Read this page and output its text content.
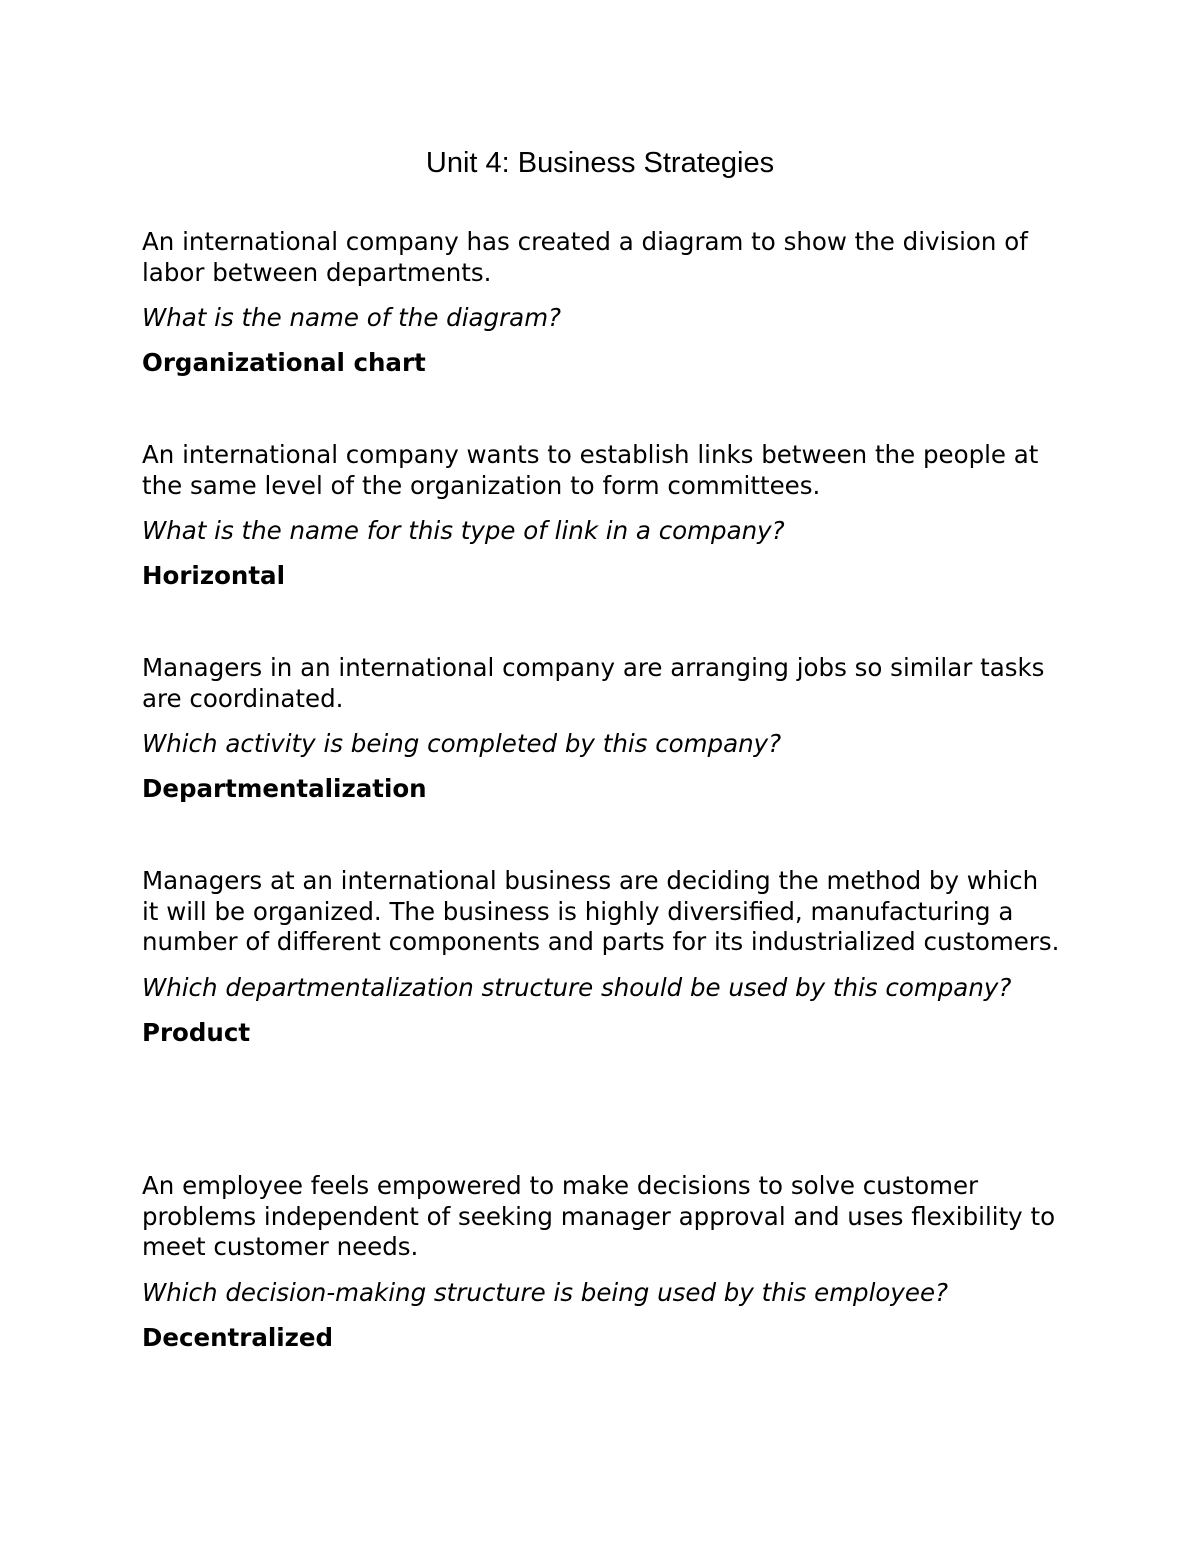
Unit 4: Business Strategies

An international company has created a diagram to show the division of labor between departments.

What is the name of the diagram?

Organizational chart

An international company wants to establish links between the people at the same level of the organization to form committees.

What is the name for this type of link in a company?

Horizontal

Managers in an international company are arranging jobs so similar tasks are coordinated.

Which activity is being completed by this company?

Departmentalization

Managers at an international business are deciding the method by which it will be organized. The business is highly diversified, manufacturing a number of different components and parts for its industrialized customers.

Which departmentalization structure should be used by this company?

Product

An employee feels empowered to make decisions to solve customer problems independent of seeking manager approval and uses flexibility to meet customer needs.

Which decision-making structure is being used by this employee?

Decentralized
